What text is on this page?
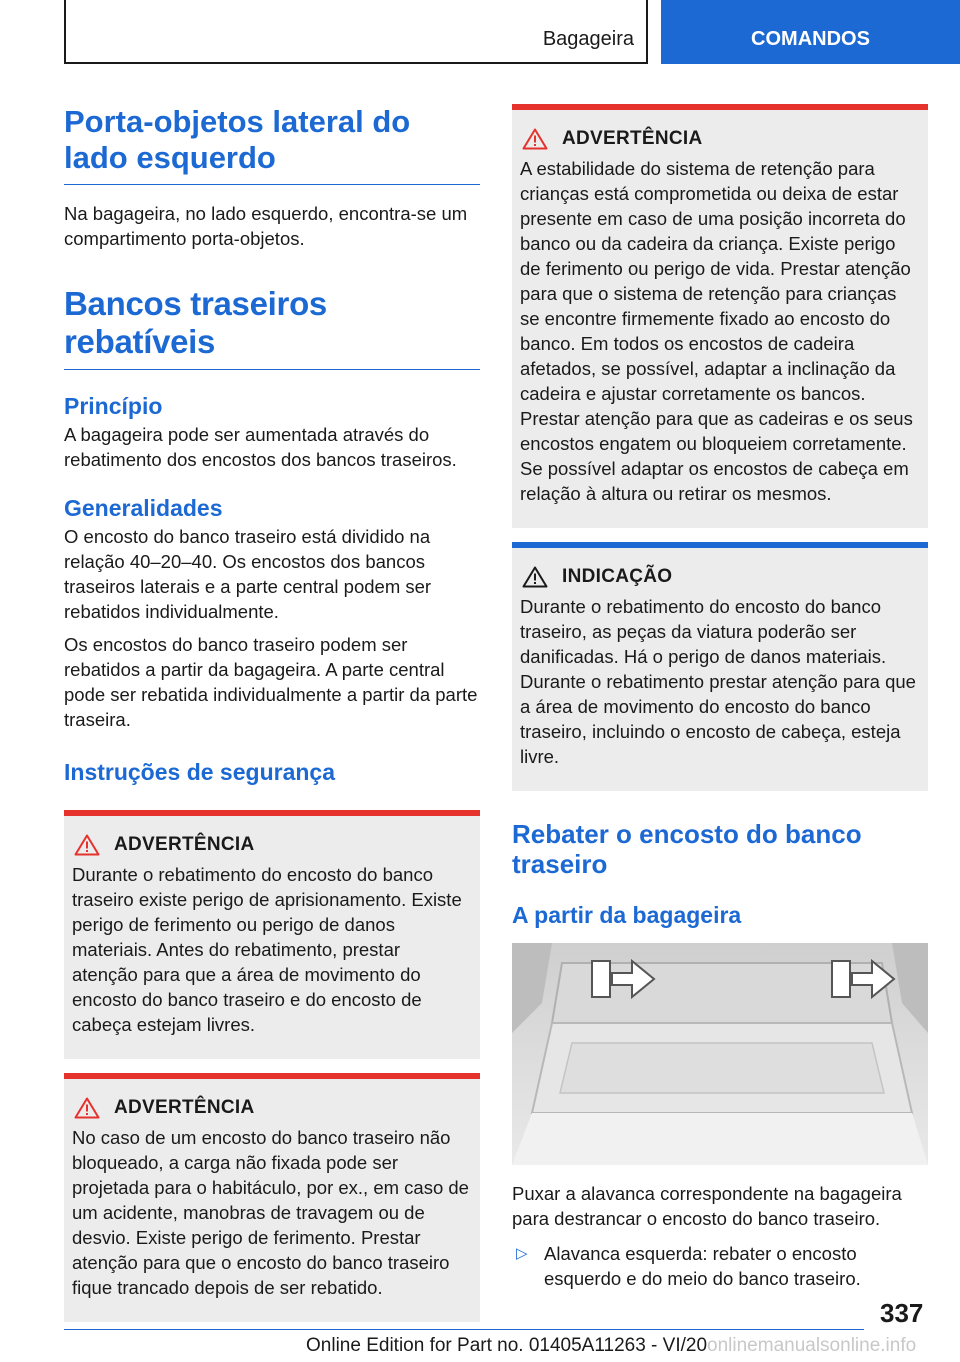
Bagageira	COMANDOS
Porta-objetos lateral do lado esquerdo

Na bagageira, no lado esquerdo, encontra-se um compartimento porta-objetos.

Bancos traseiros rebatíveis
Princípio

A bagageira pode ser aumentada através do rebatimento dos encostos dos bancos traseiros.

Generalidades

O encosto do banco traseiro está dividido na relação 40–20–40. Os encostos dos bancos traseiros laterais e a parte central podem ser rebatidos individualmente.

Os encostos do banco traseiro podem ser rebatidos a partir da bagageira. A parte central pode ser rebatida individualmente a partir da parte traseira.

Instruções de segurança
ADVERTÊNCIA

Durante o rebatimento do encosto do banco traseiro existe perigo de aprisionamento. Existe perigo de ferimento ou perigo de danos materiais. Antes do rebatimento, prestar atenção para que a área de movimento do encosto do banco traseiro e do encosto de cabeça estejam livres.

ADVERTÊNCIA

No caso de um encosto do banco traseiro não bloqueado, a carga não fixada pode ser projetada para o habitáculo, por ex., em caso de um acidente, manobras de travagem ou de desvio. Existe perigo de ferimento. Prestar atenção para que o encosto do banco traseiro fique trancado depois de ser rebatido.

ADVERTÊNCIA

A estabilidade do sistema de retenção para crianças está comprometida ou deixa de estar presente em caso de uma posição incorreta do banco ou da cadeira da criança. Existe perigo de ferimento ou perigo de vida. Prestar atenção para que o sistema de retenção para crianças se encontre firmemente fixado ao encosto do banco. Em todos os encostos de cadeira afetados, se possível, adaptar a inclinação da cadeira e ajustar corretamente os bancos. Prestar atenção para que as cadeiras e os seus encostos engatem ou bloqueiem corretamente. Se possível adaptar os encostos de cabeça em relação à altura ou retirar os mesmos.

INDICAÇÃO

Durante o rebatimento do encosto do banco traseiro, as peças da viatura poderão ser danificadas. Há o perigo de danos materiais. Durante o rebatimento prestar atenção para que a área de movimento do encosto do banco traseiro, incluindo o encosto de cabeça, esteja livre.

Rebater o encosto do banco traseiro
A partir da bagageira

Puxar a alavanca correspondente na bagageira para destrancar o encosto do banco traseiro.

▷ Alavanca esquerda: rebater o encosto esquerdo e do meio do banco traseiro.

337
Online Edition for Part no. 01405A11263 - VI/20onlinemanualsonline.info
